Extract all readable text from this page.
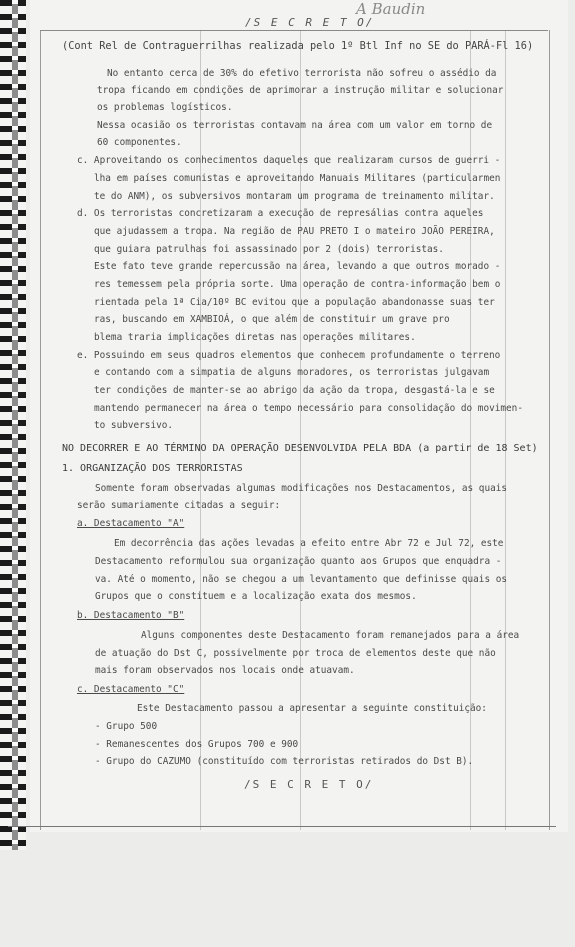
/ S E C R E T O /
A Baudin
(Cont Rel de Contraguerrilhas realizada pelo 1º Btl Inf no SE do PARÁ-Fl 16)
No entanto cerca de 30% do efetivo terrorista não sofreu o assédio da
tropa ficando em condições de aprimorar a instrução militar e solucionar
os problemas logísticos.
Nessa ocasião os terroristas contavam na área com um valor em torno de
60 componentes.
c. Aproveitando os conhecimentos daqueles que realizaram cursos de guerri -
lha em países comunistas e aproveitando Manuais Militares (particularmen
te do ANM), os subversivos montaram um programa de treinamento militar.
d. Os terroristas concretizaram a execução de represálias contra aqueles
que ajudassem a tropa. Na região de PAU PRETO I o mateiro JOÃO PEREIRA,
que guiara patrulhas foi assassinado por 2 (dois) terroristas.
Este fato teve grande repercussão na área, levando a que outros morado -
res temessem pela própria sorte. Uma operação de contra-informação bem o
rientada pela 1ª Cia/10º BC evitou que a população abandonasse suas ter
ras, buscando em XAMBIOÁ, o que além de constituir um grave pro
blema traria implicações diretas nas operações militares.
e. Possuindo em seus quadros elementos que conhecem profundamente o terreno
e contando com a simpatia de alguns moradores, os terroristas julgavam
ter condições de manter-se ao abrigo da ação da tropa, desgastá-la e se
mantendo permanecer na área o tempo necessário para consolidação do movimen-
to subversivo.
NO DECORRER E AO TÉRMINO DA OPERAÇÃO DESENVOLVIDA PELA BDA (a partir de 18 Set)
1. ORGANIZAÇÃO DOS TERRORISTAS
Somente foram observadas algumas modificações nos Destacamentos, as quais
serão sumariamente citadas a seguir:
a. Destacamento "A"
Em decorrência das ações levadas a efeito entre Abr 72 e Jul 72, este
Destacamento reformulou sua organização quanto aos Grupos que enquadra -
va. Até o momento, não se chegou a um levantamento que definisse quais os
Grupos que o constituem e a localização exata dos mesmos.
b. Destacamento "B"
Alguns componentes deste Destacamento foram remanejados para a área
de atuação do Dst C, possivelmente por troca de elementos deste que não
mais foram observados nos locais onde atuavam.
c. Destacamento "C"
Este Destacamento passou a apresentar a seguinte constituição:
- Grupo 500
- Remanescentes dos Grupos 700 e 900
- Grupo do CAZUMO (constituído com terroristas retirados do Dst B).
/ S E C R E T O /
